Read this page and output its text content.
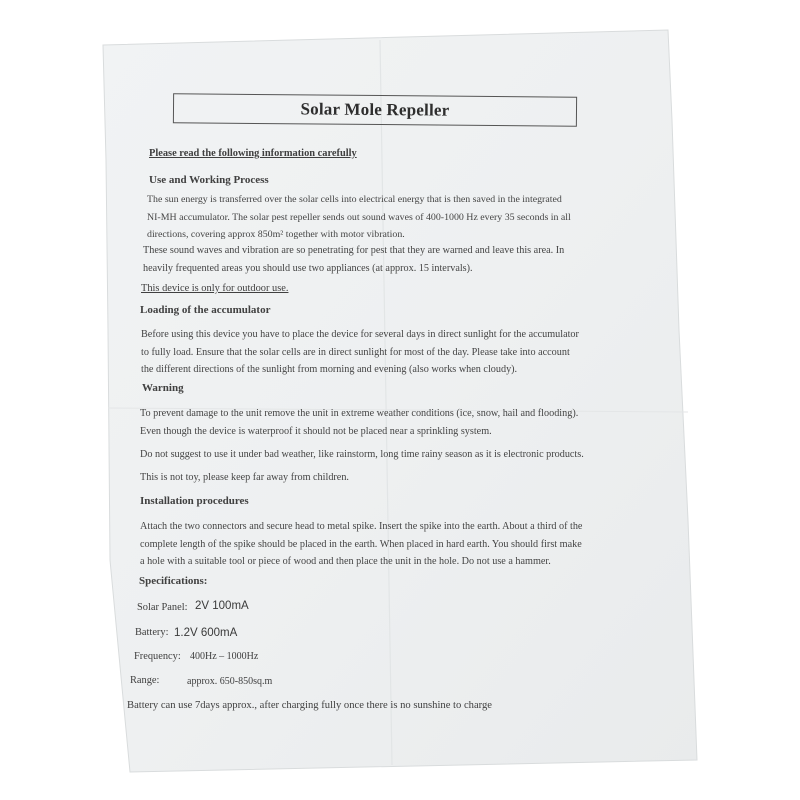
Solar Mole Repeller
Please read the following information carefully
Use and Working Process
The sun energy is transferred over the solar cells into electrical energy that is then saved in the integrated
NI-MH accumulator. The solar pest repeller sends out sound waves of 400-1000 Hz every 35 seconds in all
directions, covering approx 850m² together with motor vibration.
These sound waves and vibration are so penetrating for pest that they are warned and leave this area. In
heavily frequented areas you should use two appliances (at approx. 15 intervals).
This device is only for outdoor use.
Loading of the accumulator
Before using this device you have to place the device for several days in direct sunlight for the accumulator
to fully load. Ensure that the solar cells are in direct sunlight for most of the day. Please take into account
the different directions of the sunlight from morning and evening (also works when cloudy).
Warning
To prevent damage to the unit remove the unit in extreme weather conditions (ice, snow, hail and flooding).
Even though the device is waterproof it should not be placed near a sprinkling system.
Do not suggest to use it under bad weather, like rainstorm, long time rainy season as it is electronic products.
This is not toy, please keep far away from children.
Installation procedures
Attach the two connectors and secure head to metal spike. Insert the spike into the earth. About a third of the
complete length of the spike should be placed in the earth. When placed in hard earth. You should first make
a hole with a suitable tool or piece of wood and then place the unit in the hole. Do not use a hammer.
Specifications:
Solar Panel: 2V 100mA
Battery: 1.2V 600mA
Frequency: 400Hz – 1000Hz
Range:	approx. 650-850sq.m
Battery can use 7days approx., after charging fully once there is no sunshine to charge
